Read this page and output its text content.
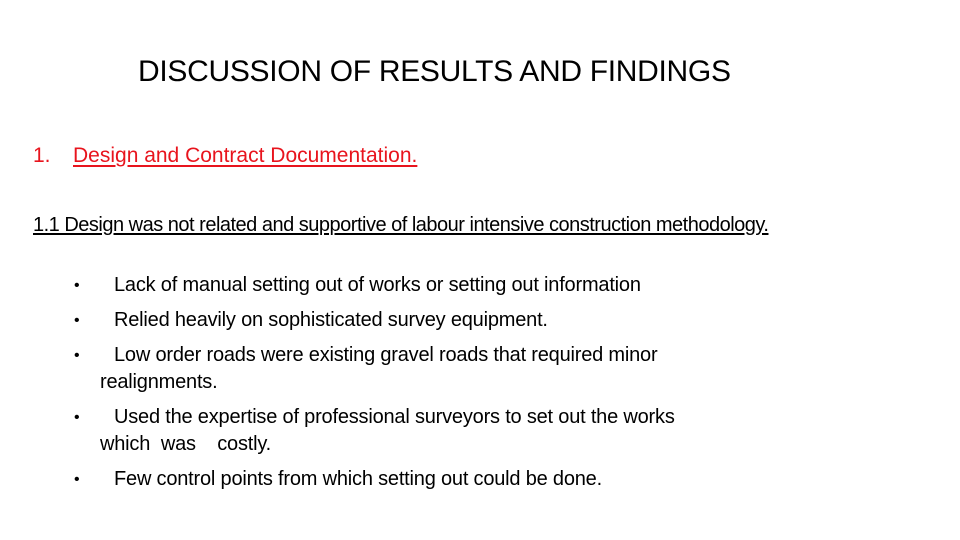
DISCUSSION OF RESULTS AND FINDINGS
1. Design and Contract Documentation.
1.1 Design was not related and supportive of labour intensive construction methodology.
• Lack of manual setting out of works or setting out information
• Relied heavily on sophisticated survey equipment.
• Low order roads were existing gravel roads that required minor
realignments.
• Used the expertise of professional surveyors to set out the works
which  was    costly.
• Few control points from which setting out could be done.
